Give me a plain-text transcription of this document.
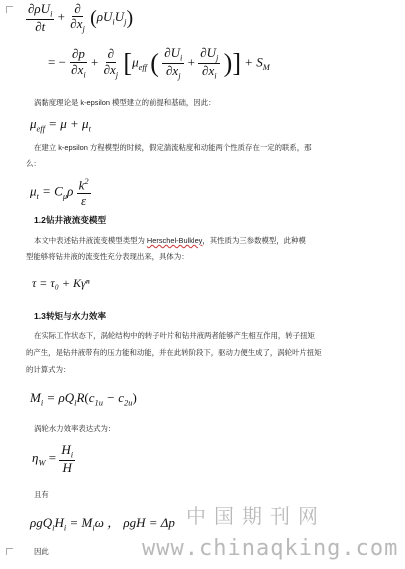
$\frac{\partial\rho U_i}{\partial t} + \frac{\partial}{\partial x_j} (\rho U_iU_j)$
= − $\frac{\partial p}{\partial x_i} + \frac{\partial}{\partial x_j} [\mu_{eff}$ ( $\frac{\partial U_i}{\partial x_j} + \frac{\partial U_j}{\partial x_i}$ )] + $S_M$
涡黏度理论是 k-epsilon 模型建立的前提和基础，因此：
$\mu_{eff} = \mu + \mu_t$
在建立 k-epsilon 方程模型的时候，假定湍流粘度和动能两个性质存在一定的联系，那
么：
$\mu_t = C_\mu\rho \frac{k^2}{\varepsilon}$
1.2钻井液流变模型
本文中表述钻井液流变模型类型为 Herschel-Bulkley，其性质为三参数模型，此种模
型能够将钻井液的流变性充分表现出来，具体为：
τ = τ₀ + Kγⁿ
1.3转矩与水力效率
在实际工作状态下，涡轮结构中的转子叶片和钻井液两者能够产生相互作用，转子扭矩
的产生，是钻井液带有的压力能和动能，并在此转阶段下，驱动力便生成了，涡轮叶片扭矩
的计算式为：
$M_i = \rho Q_iR(c_{1u} - c_{2u})$
涡轮水力效率表达式为：
$\eta_W = \frac{H_i}{H}$
且有
$\rho gQ_iH_i = M_i\omega$ ， ρgH = Δp
因此
中国期刊网
www.chinaqking.com
